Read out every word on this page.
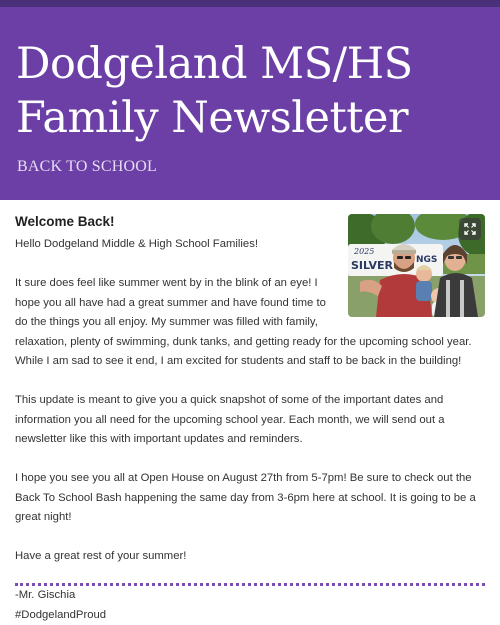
Dodgeland MS/HS
Family Newsletter
BACK TO SCHOOL
2025
SILVER	NGS
Welcome Back!

Hello Dodgeland Middle & High School Families!

It sure does feel like summer went by in the blink of an eye! I hope you all have had a great summer and have found time to do the things you all enjoy. My summer was filled with family, relaxation, plenty of swimming, dunk tanks, and getting ready for the upcoming school year. While I am sad to see it end, I am excited for students and staff to be back in the building!

This update is meant to give you a quick snapshot of some of the important dates and information you all need for the upcoming school year. Each month, we will send out a newsletter like this with important updates and reminders.

I hope you see you all at Open House on August 27th from 5-7pm! Be sure to check out the Back To School Bash happening the same day from 3-6pm here at school. It is going to be a great night!

Have a great rest of your summer!

-Mr. Gischia

#DodgelandProud
